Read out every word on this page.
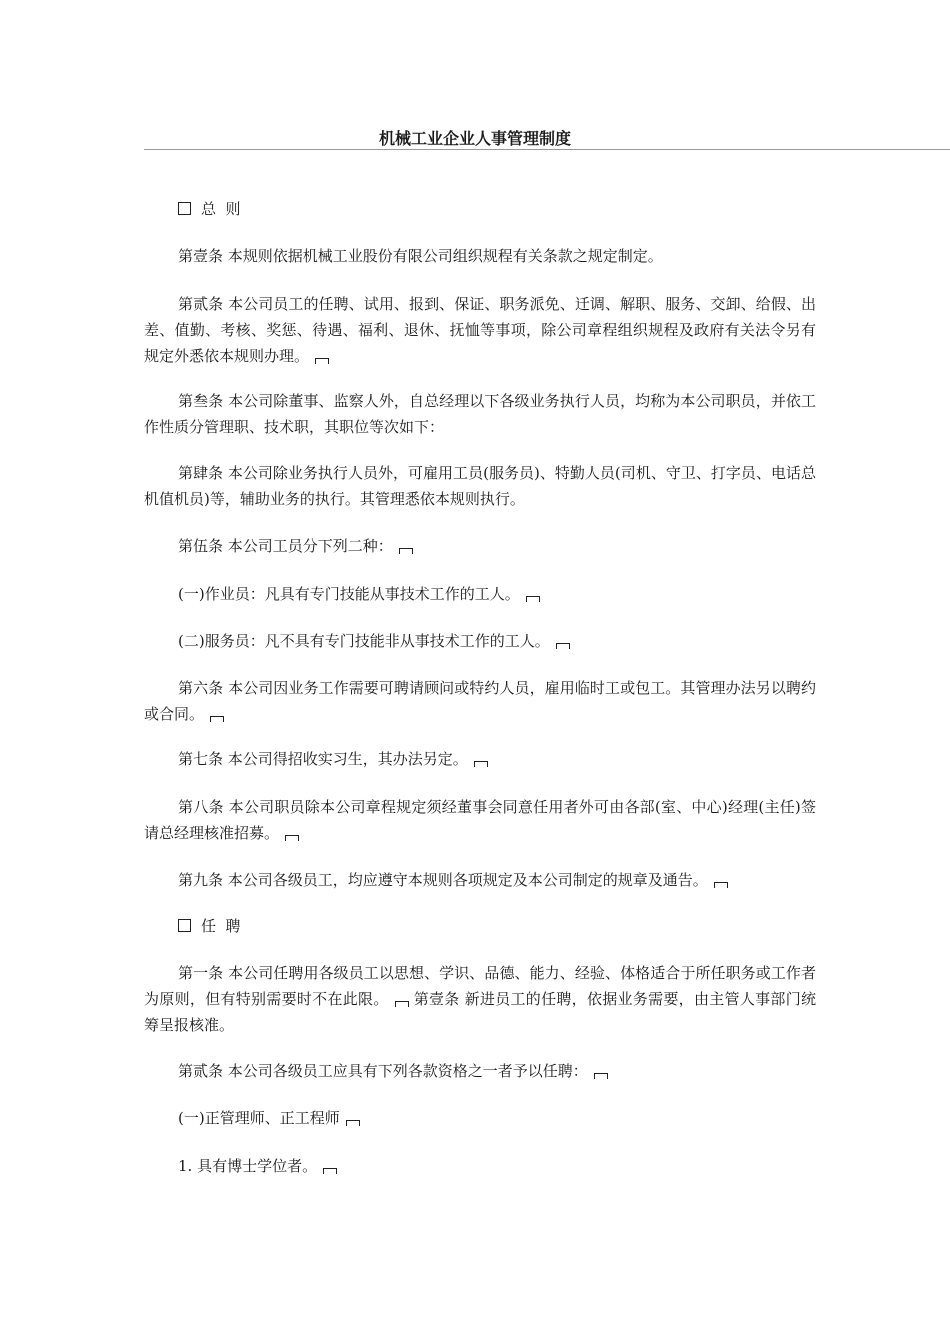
机械工业企业人事管理制度
总  则

第壹条 本规则依据机械工业股份有限公司组织规程有关条款之规定制定。

第贰条 本公司员工的任聘、试用、报到、保证、职务派免、迁调、解职、服务、交卸、给假、出差、值勤、考核、奖惩、待遇、福利、退休、抚恤等事项，除公司章程组织规程及政府有关法令另有规定外悉依本规则办理。

第叁条 本公司除董事、监察人外，自总经理以下各级业务执行人员，均称为本公司职员，并依工作性质分管理职、技术职，其职位等次如下：

第肆条 本公司除业务执行人员外，可雇用工员(服务员)、特勤人员(司机、守卫、打字员、电话总机值机员)等，辅助业务的执行。其管理悉依本规则执行。

第伍条 本公司工员分下列二种：

(一)作业员：凡具有专门技能从事技术工作的工人。

(二)服务员：凡不具有专门技能非从事技术工作的工人。

第六条 本公司因业务工作需要可聘请顾问或特约人员，雇用临时工或包工。其管理办法另以聘约或合同。

第七条 本公司得招收实习生，其办法另定。

第八条 本公司职员除本公司章程规定须经董事会同意任用者外可由各部(室、中心)经理(主任)签请总经理核准招募。

第九条 本公司各级员工，均应遵守本规则各项规定及本公司制定的规章及通告。

任  聘

第一条 本公司任聘用各级员工以思想、学识、品德、能力、经验、体格适合于所任职务或工作者为原则，但有特别需要时不在此限。 第壹条 新进员工的任聘，依据业务需要，由主管人事部门统筹呈报核准。

第贰条 本公司各级员工应具有下列各款资格之一者予以任聘：

(一)正管理师、正工程师

1. 具有博士学位者。
